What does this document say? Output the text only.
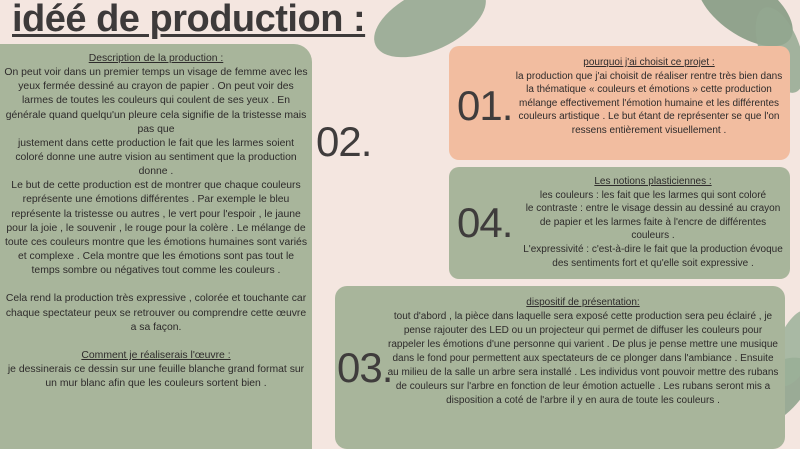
idéé de production :
Description de la production :
On peut voir dans un premier temps un visage de femme avec les yeux fermée dessiné au crayon de papier . On peut voir des larmes de toutes les couleurs qui coulent de ses yeux . En générale quand quelqu'un pleure cela signifie de la tristesse mais pas que
justement dans cette production le fait que les larmes soient coloré donne une autre vision au sentiment que la production donne .
Le but de cette production est de montrer que chaque couleurs représente une émotions différentes . Par exemple le bleu représente la tristesse ou autres , le vert pour l'espoir , le jaune pour la joie , le souvenir , le rouge pour la colère . Le mélange de toute ces couleurs montre que les émotions humaines sont variés et complexe . Cela montre que les émotions sont pas tout le temps sombre ou négatives tout comme les couleurs .

Cela rend la production très expressive , colorée et touchante car chaque spectateur peux se retrouver ou comprendre cette œuvre a sa façon.

Comment je réaliserais l'œuvre :
je dessinerais ce dessin sur une feuille blanche grand format sur un mur blanc afin que les couleurs sortent bien .
02.
01.
pourquoi j'ai choisit ce projet :
la production que j'ai choisit de réaliser rentre très bien dans la thématique « couleurs et émotions » cette production mélange effectivement l'émotion humaine et les différentes couleurs artistique . Le but étant de représenter se que l'on ressens entièrement visuellement .
04.
Les notions plasticiennes :
les couleurs : les fait que les larmes qui sont coloré
le contraste : entre le visage dessin au dessiné au crayon de papier et les larmes faite à l'encre de différentes couleurs .
L'expressivité : c'est-à-dire le fait que la production évoque des sentiments fort et qu'elle soit expressive .
03.
dispositif de présentation:
tout d'abord , la pièce dans laquelle sera exposé cette production sera peu éclairé , je pense rajouter des LED ou un projecteur qui permet de diffuser les couleurs pour rappeler les émotions d'une personne qui varient . De plus je pense mettre une musique dans le fond pour permettent aux spectateurs de ce plonger dans l'ambiance . Ensuite au milieu de la salle un arbre sera installé . Les individus vont pouvoir mettre des rubans de couleurs sur l'arbre en fonction de leur émotion actuelle . Les rubans seront mis a disposition a coté de l'arbre il y en aura de toute les couleurs .
